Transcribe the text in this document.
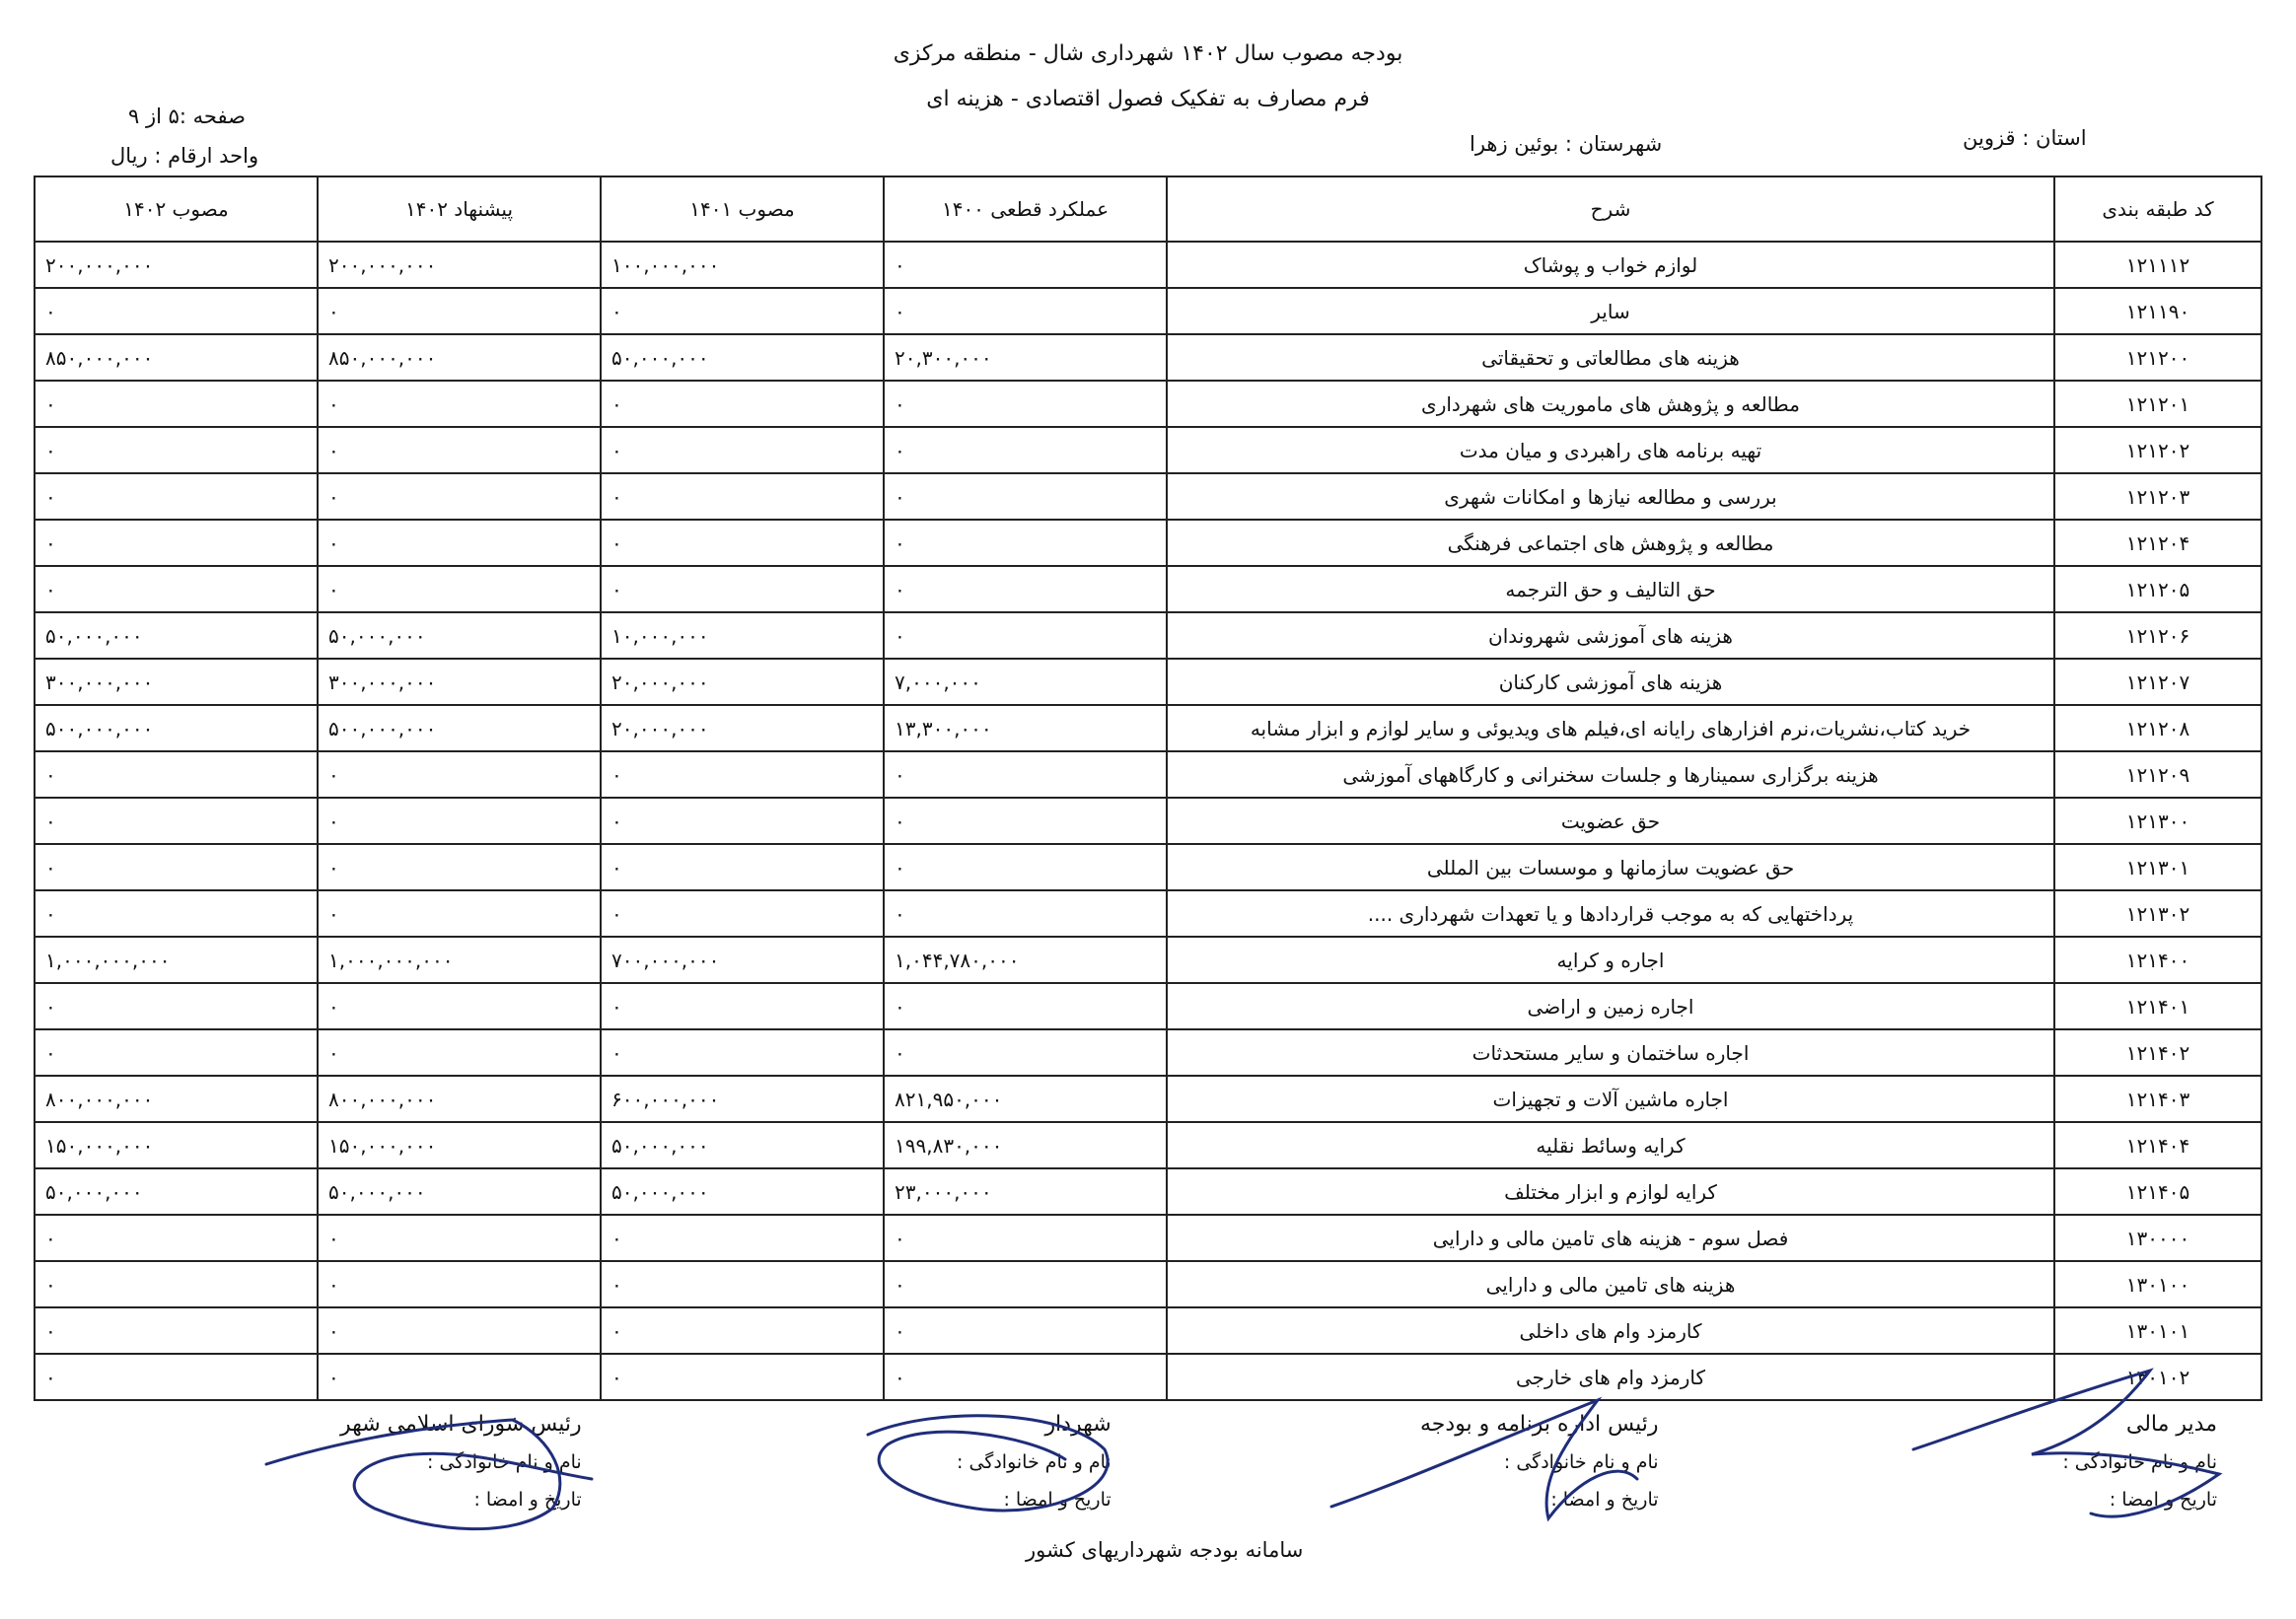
بودجه مصوب سال ۱۴۰۲ شهرداری شال - منطقه مرکزی
فرم مصارف به تفکیک فصول اقتصادی - هزینه ای
صفحه :۵ از ۹
واحد ارقام : ریال
استان : قزوین
شهرستان : بوئین زهرا
کد طبقه بندی	شرح	عملکرد قطعی ۱۴۰۰	مصوب ۱۴۰۱	پیشنهاد ۱۴۰۲	مصوب ۱۴۰۲
۱۲۱۱۱۲	لوازم خواب و پوشاک	۰	۱۰۰,۰۰۰,۰۰۰	۲۰۰,۰۰۰,۰۰۰	۲۰۰,۰۰۰,۰۰۰
۱۲۱۱۹۰	سایر	۰	۰	۰	۰
۱۲۱۲۰۰	هزینه های مطالعاتی و تحقیقاتی	۲۰,۳۰۰,۰۰۰	۵۰,۰۰۰,۰۰۰	۸۵۰,۰۰۰,۰۰۰	۸۵۰,۰۰۰,۰۰۰
۱۲۱۲۰۱	مطالعه و پژوهش های ماموریت های شهرداری	۰	۰	۰	۰
۱۲۱۲۰۲	تهیه برنامه های راهبردی و میان مدت	۰	۰	۰	۰
۱۲۱۲۰۳	بررسی و مطالعه نیازها و امکانات شهری	۰	۰	۰	۰
۱۲۱۲۰۴	مطالعه و پژوهش های اجتماعی فرهنگی	۰	۰	۰	۰
۱۲۱۲۰۵	حق التالیف و حق الترجمه	۰	۰	۰	۰
۱۲۱۲۰۶	هزینه های آموزشی شهروندان	۰	۱۰,۰۰۰,۰۰۰	۵۰,۰۰۰,۰۰۰	۵۰,۰۰۰,۰۰۰
۱۲۱۲۰۷	هزینه های آموزشی کارکنان	۷,۰۰۰,۰۰۰	۲۰,۰۰۰,۰۰۰	۳۰۰,۰۰۰,۰۰۰	۳۰۰,۰۰۰,۰۰۰
۱۲۱۲۰۸	خرید کتاب،نشریات،نرم افزارهای رایانه ای،فیلم های ویدیوئی و سایر لوازم و ابزار مشابه	۱۳,۳۰۰,۰۰۰	۲۰,۰۰۰,۰۰۰	۵۰۰,۰۰۰,۰۰۰	۵۰۰,۰۰۰,۰۰۰
۱۲۱۲۰۹	هزینه برگزاری سمینارها و جلسات سخنرانی و کارگاههای آموزشی	۰	۰	۰	۰
۱۲۱۳۰۰	حق عضویت	۰	۰	۰	۰
۱۲۱۳۰۱	حق عضویت سازمانها و موسسات بین المللی	۰	۰	۰	۰
۱۲۱۳۰۲	پرداختهایی که به موجب قراردادها و یا تعهدات شهرداری ....	۰	۰	۰	۰
۱۲۱۴۰۰	اجاره و کرایه	۱,۰۴۴,۷۸۰,۰۰۰	۷۰۰,۰۰۰,۰۰۰	۱,۰۰۰,۰۰۰,۰۰۰	۱,۰۰۰,۰۰۰,۰۰۰
۱۲۱۴۰۱	اجاره زمین و اراضی	۰	۰	۰	۰
۱۲۱۴۰۲	اجاره ساختمان و سایر مستحدثات	۰	۰	۰	۰
۱۲۱۴۰۳	اجاره ماشین آلات و تجهیزات	۸۲۱,۹۵۰,۰۰۰	۶۰۰,۰۰۰,۰۰۰	۸۰۰,۰۰۰,۰۰۰	۸۰۰,۰۰۰,۰۰۰
۱۲۱۴۰۴	کرایه وسائط نقلیه	۱۹۹,۸۳۰,۰۰۰	۵۰,۰۰۰,۰۰۰	۱۵۰,۰۰۰,۰۰۰	۱۵۰,۰۰۰,۰۰۰
۱۲۱۴۰۵	کرایه لوازم و ابزار مختلف	۲۳,۰۰۰,۰۰۰	۵۰,۰۰۰,۰۰۰	۵۰,۰۰۰,۰۰۰	۵۰,۰۰۰,۰۰۰
۱۳۰۰۰۰	فصل سوم - هزینه های تامین مالی و دارایی	۰	۰	۰	۰
۱۳۰۱۰۰	هزینه های تامین مالی و دارایی	۰	۰	۰	۰
۱۳۰۱۰۱	کارمزد وام های داخلی	۰	۰	۰	۰
۱۳۰۱۰۲	کارمزد وام های خارجی	۰	۰	۰	۰
مدیر مالی
نام و نام خانوادگی :
تاریخ و امضا :
رئیس اداره برنامه و بودجه
نام و نام خانوادگی :
تاریخ و امضا :
شهردار
نام و نام خانوادگی :
تاریخ و امضا :
رئیس شورای اسلامی شهر
نام و نام خانوادگی :
تاریخ و امضا :
سامانه بودجه شهرداریهای کشور
